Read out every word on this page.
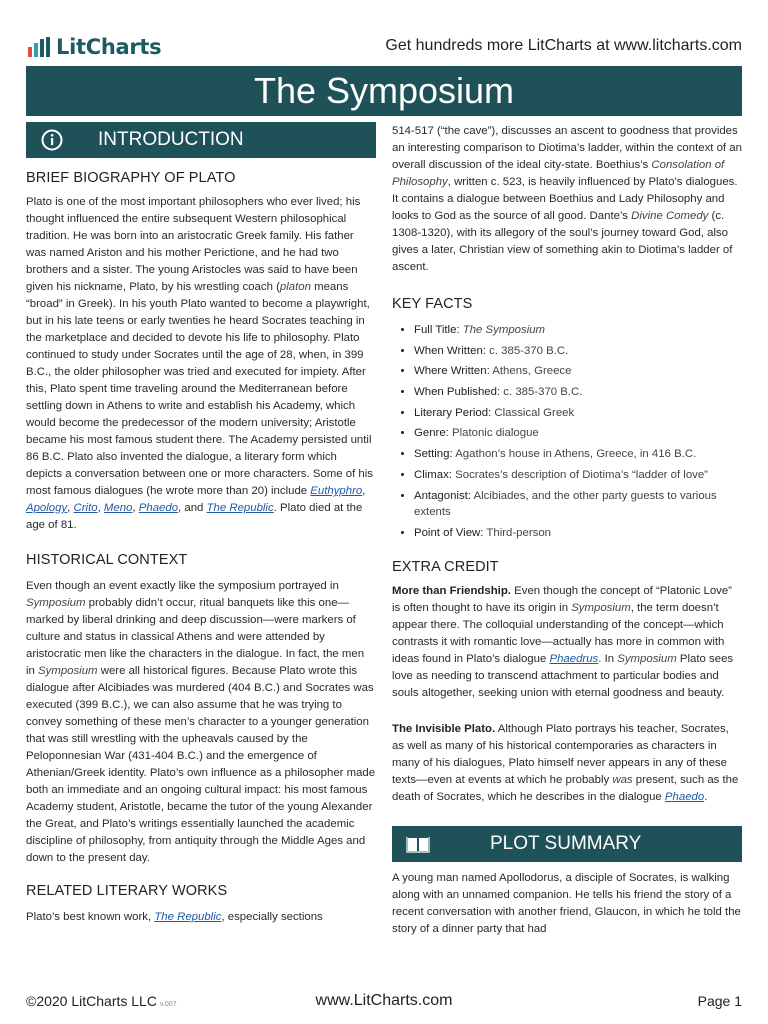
LitCharts	Get hundreds more LitCharts at www.litcharts.com
The Symposium
INTRODUCTION
BRIEF BIOGRAPHY OF PLATO

Plato is one of the most important philosophers who ever lived; his thought influenced the entire subsequent Western philosophical tradition. He was born into an aristocratic Greek family. His father was named Ariston and his mother Perictione, and he had two brothers and a sister. The young Aristocles was said to have been given his nickname, Plato, by his wrestling coach (platon means “broad” in Greek). In his youth Plato wanted to become a playwright, but in his late teens or early twenties he heard Socrates teaching in the marketplace and decided to devote his life to philosophy. Plato continued to study under Socrates until the age of 28, when, in 399 B.C., the older philosopher was tried and executed for impiety. After this, Plato spent time traveling around the Mediterranean before settling down in Athens to write and establish his Academy, which would become the predecessor of the modern university; Aristotle became his most famous student there. The Academy persisted until 86 B.C. Plato also invented the dialogue, a literary form which depicts a conversation between one or more characters. Some of his most famous dialogues (he wrote more than 20) include Euthyphro, Apology, Crito, Meno, Phaedo, and The Republic. Plato died at the age of 81.

HISTORICAL CONTEXT

Even though an event exactly like the symposium portrayed in Symposium probably didn’t occur, ritual banquets like this one—marked by liberal drinking and deep discussion—were markers of culture and status in classical Athens and were attended by aristocratic men like the characters in the dialogue. In fact, the men in Symposium were all historical figures. Because Plato wrote this dialogue after Alcibiades was murdered (404 B.C.) and Socrates was executed (399 B.C.), we can also assume that he was trying to convey something of these men’s character to a younger generation that was still wrestling with the upheavals caused by the Peloponnesian War (431-404 B.C.) and the emergence of Athenian/Greek identity. Plato’s own influence as a philosopher made both an immediate and an ongoing cultural impact: his most famous Academy student, Aristotle, became the tutor of the young Alexander the Great, and Plato’s writings essentially launched the academic discipline of philosophy, from antiquity through the Middle Ages and down to the present day.

RELATED LITERARY WORKS

Plato’s best known work, The Republic, especially sections

514-517 (“the cave”), discusses an ascent to goodness that provides an interesting comparison to Diotima’s ladder, within the context of an overall discussion of the ideal city-state. Boethius’s Consolation of Philosophy, written c. 523, is heavily influenced by Plato’s dialogues. It contains a dialogue between Boethius and Lady Philosophy and looks to God as the source of all good. Dante’s Divine Comedy (c. 1308-1320), with its allegory of the soul’s journey toward God, also gives a later, Christian view of something akin to Diotima’s ladder of ascent.

KEY FACTS
• Full Title: The Symposium
• When Written: c. 385-370 B.C.
• Where Written: Athens, Greece
• When Published: c. 385-370 B.C.
• Literary Period: Classical Greek
• Genre: Platonic dialogue
• Setting: Agathon’s house in Athens, Greece, in 416 B.C.
• Climax: Socrates’s description of Diotima’s “ladder of love”
• Antagonist: Alcibiades, and the other party guests to various extents
• Point of View: Third-person
EXTRA CREDIT

More than Friendship. Even though the concept of “Platonic Love” is often thought to have its origin in Symposium, the term doesn’t appear there. The colloquial understanding of the concept—which contrasts it with romantic love—actually has more in common with ideas found in Plato’s dialogue Phaedrus. In Symposium Plato sees love as needing to transcend attachment to particular bodies and souls altogether, seeking union with eternal goodness and beauty.

The Invisible Plato. Although Plato portrays his teacher, Socrates, as well as many of his historical contemporaries as characters in many of his dialogues, Plato himself never appears in any of these texts—even at events at which he probably was present, such as the death of Socrates, which he describes in the dialogue Phaedo.

PLOT SUMMARY

A young man named Apollodorus, a disciple of Socrates, is walking along with an unnamed companion. He tells his friend the story of a recent conversation with another friend, Glaucon, in which he told the story of a dinner party that had

©2020 LitCharts LLC v.007	www.LitCharts.com	Page 1
